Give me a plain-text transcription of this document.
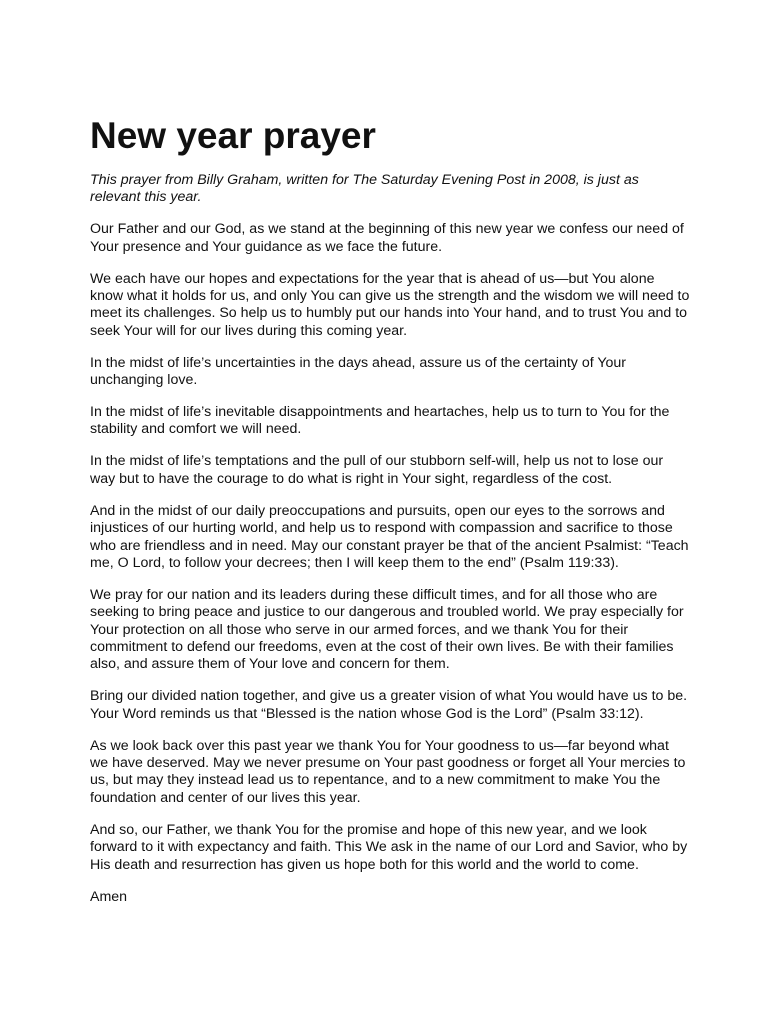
New year prayer

This prayer from Billy Graham, written for The Saturday Evening Post in 2008, is just as relevant this year.

Our Father and our God, as we stand at the beginning of this new year we confess our need of Your presence and Your guidance as we face the future.

We each have our hopes and expectations for the year that is ahead of us—but You alone know what it holds for us, and only You can give us the strength and the wisdom we will need to meet its challenges. So help us to humbly put our hands into Your hand, and to trust You and to seek Your will for our lives during this coming year.

In the midst of life’s uncertainties in the days ahead, assure us of the certainty of Your unchanging love.

In the midst of life’s inevitable disappointments and heartaches, help us to turn to You for the stability and comfort we will need.

In the midst of life’s temptations and the pull of our stubborn self-will, help us not to lose our way but to have the courage to do what is right in Your sight, regardless of the cost.

And in the midst of our daily preoccupations and pursuits, open our eyes to the sorrows and injustices of our hurting world, and help us to respond with compassion and sacrifice to those who are friendless and in need. May our constant prayer be that of the ancient Psalmist: “Teach me, O Lord, to follow your decrees; then I will keep them to the end” (Psalm 119:33).

We pray for our nation and its leaders during these difficult times, and for all those who are seeking to bring peace and justice to our dangerous and troubled world. We pray especially for Your protection on all those who serve in our armed forces, and we thank You for their commitment to defend our freedoms, even at the cost of their own lives. Be with their families also, and assure them of Your love and concern for them.

Bring our divided nation together, and give us a greater vision of what You would have us to be. Your Word reminds us that “Blessed is the nation whose God is the Lord” (Psalm 33:12).

As we look back over this past year we thank You for Your goodness to us—far beyond what we have deserved. May we never presume on Your past goodness or forget all Your mercies to us, but may they instead lead us to repentance, and to a new commitment to make You the foundation and center of our lives this year.

And so, our Father, we thank You for the promise and hope of this new year, and we look forward to it with expectancy and faith. This We ask in the name of our Lord and Savior, who by His death and resurrection has given us hope both for this world and the world to come.

Amen
